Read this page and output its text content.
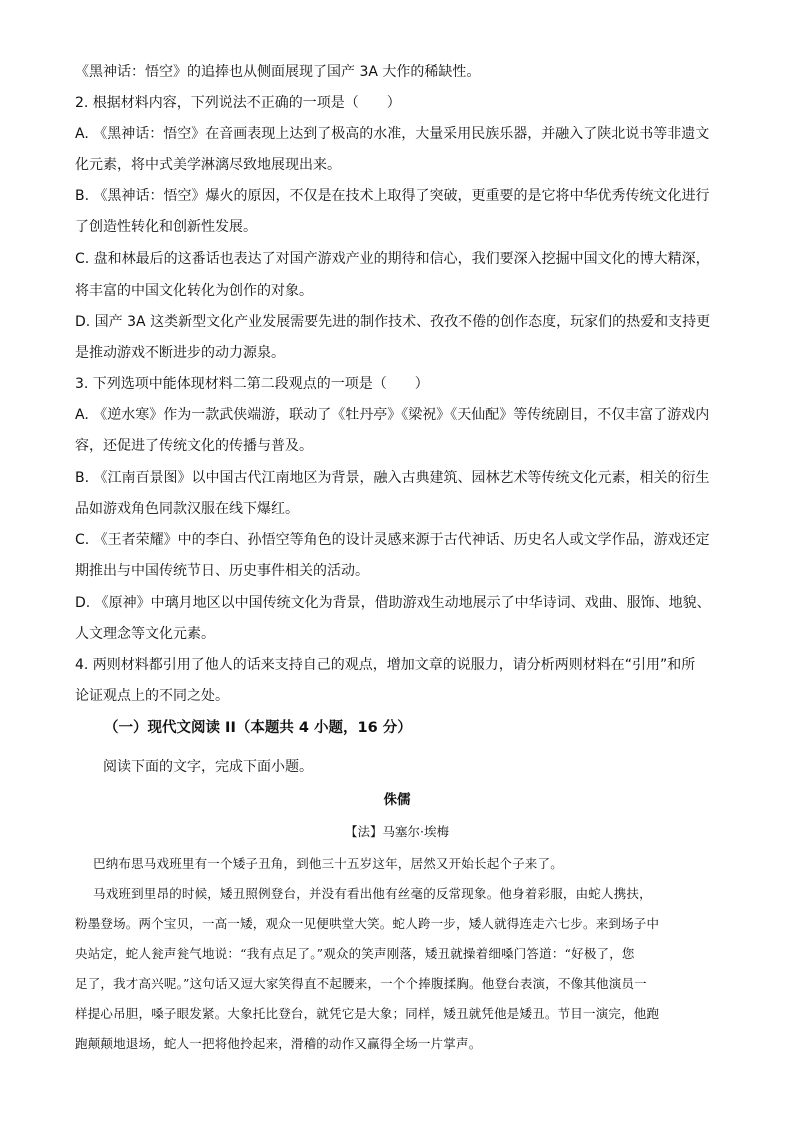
《黑神话：悟空》的追捧也从侧面展现了国产 3A 大作的稀缺性。
2. 根据材料内容，下列说法不正确的一项是（　　）
A. 《黑神话：悟空》在音画表现上达到了极高的水准，大量采用民族乐器，并融入了陕北说书等非遗文
化元素，将中式美学淋漓尽致地展现出来。
B. 《黑神话：悟空》爆火的原因，不仅是在技术上取得了突破，更重要的是它将中华优秀传统文化进行
了创造性转化和创新性发展。
C. 盘和林最后的这番话也表达了对国产游戏产业的期待和信心，我们要深入挖掘中国文化的博大精深，
将丰富的中国文化转化为创作的对象。
D. 国产 3A 这类新型文化产业发展需要先进的制作技术、孜孜不倦的创作态度，玩家们的热爱和支持更
是推动游戏不断进步的动力源泉。
3. 下列选项中能体现材料二第二段观点的一项是（　　）
A. 《逆水寒》作为一款武侠端游，联动了《牡丹亭》《梁祝》《天仙配》等传统剧目，不仅丰富了游戏内
容，还促进了传统文化的传播与普及。
B. 《江南百景图》以中国古代江南地区为背景，融入古典建筑、园林艺术等传统文化元素，相关的衍生
品如游戏角色同款汉服在线下爆红。
C. 《王者荣耀》中的李白、孙悟空等角色的设计灵感来源于古代神话、历史名人或文学作品，游戏还定
期推出与中国传统节日、历史事件相关的活动。
D. 《原神》中璃月地区以中国传统文化为背景，借助游戏生动地展示了中华诗词、戏曲、服饰、地貌、
人文理念等文化元素。
4. 两则材料都引用了他人的话来支持自己的观点，增加文章的说服力，请分析两则材料在“引用”和所
论证观点上的不同之处。
（一）现代文阅读 II（本题共 4 小题，16 分）
阅读下面的文字，完成下面小题。
侏儒
【法】马塞尔·埃梅
巴纳布思马戏班里有一个矮子丑角，到他三十五岁这年，居然又开始长起个子来了。
马戏班到里昂的时候，矮丑照例登台，并没有看出他有丝毫的反常现象。他身着彩服，由蛇人携扶，
粉墨登场。两个宝贝，一高一矮，观众一见便哄堂大笑。蛇人跨一步，矮人就得连走六七步。来到场子中
央站定，蛇人瓮声瓮气地说：“我有点足了。”观众的笑声刚落，矮丑就操着细嗓门答道：“好极了，您
足了，我才高兴呢。”这句话又逗大家笑得直不起腰来，一个个捧腹揉胸。他登台表演，不像其他演员一
样提心吊胆，嗓子眼发紧。大象托比登台，就凭它是大象；同样，矮丑就凭他是矮丑。节目一演完，他跑
跑颠颠地退场，蛇人一把将他拎起来，滑稽的动作又赢得全场一片掌声。
